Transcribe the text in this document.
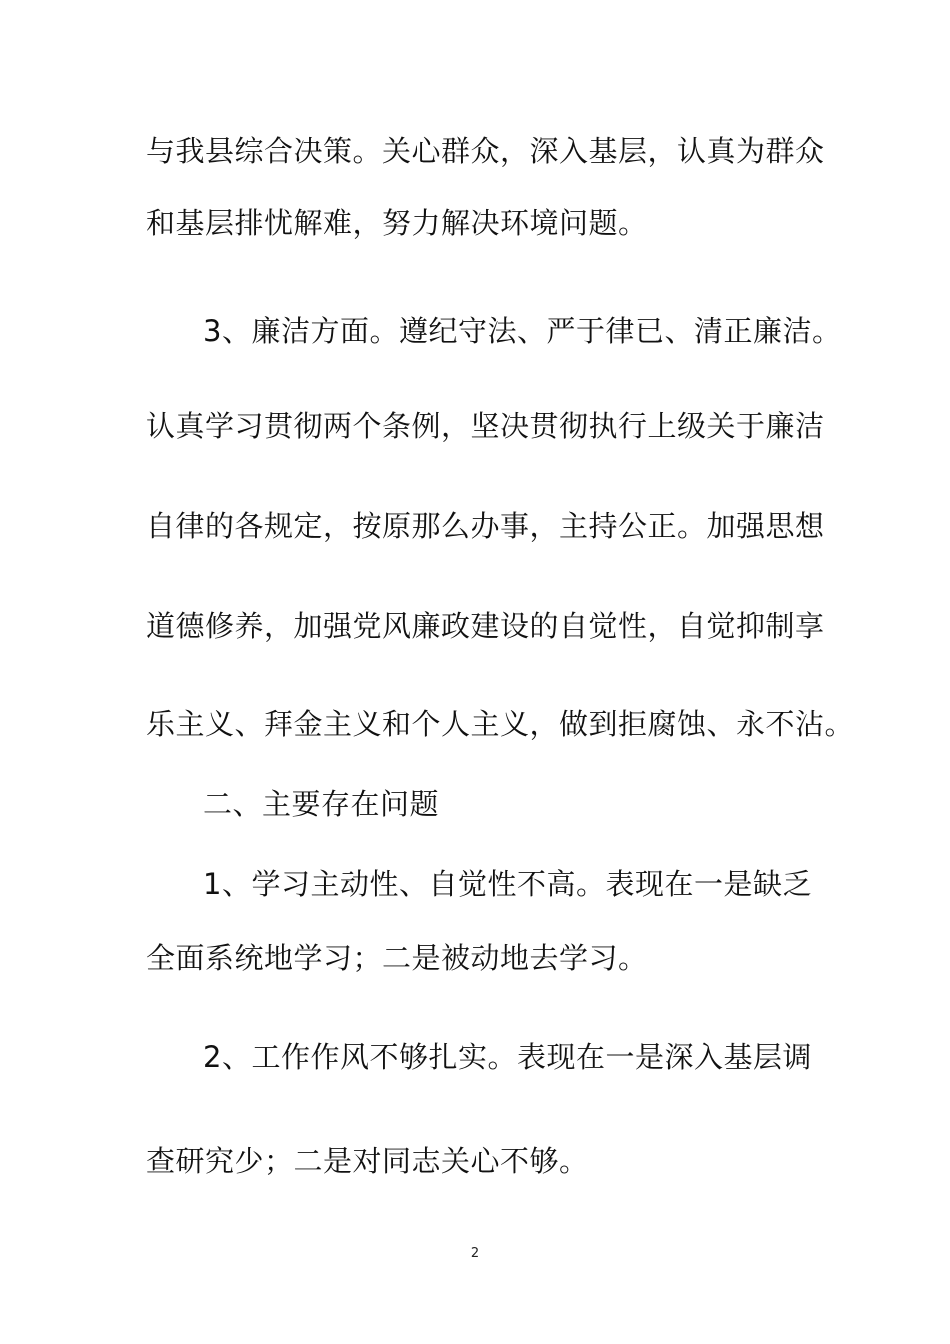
与我县综合决策。关心群众，深入基层，认真为群众
和基层排忧解难，努力解决环境问题。
3、廉洁方面。遵纪守法、严于律已、清正廉洁。
认真学习贯彻两个条例，坚决贯彻执行上级关于廉洁
自律的各规定，按原那么办事，主持公正。加强思想
道德修养，加强党风廉政建设的自觉性，自觉抑制享
乐主义、拜金主义和个人主义，做到拒腐蚀、永不沾。
二、主要存在问题
1、学习主动性、自觉性不高。表现在一是缺乏
全面系统地学习；二是被动地去学习。
2、工作作风不够扎实。表现在一是深入基层调
查研究少；二是对同志关心不够。
2
